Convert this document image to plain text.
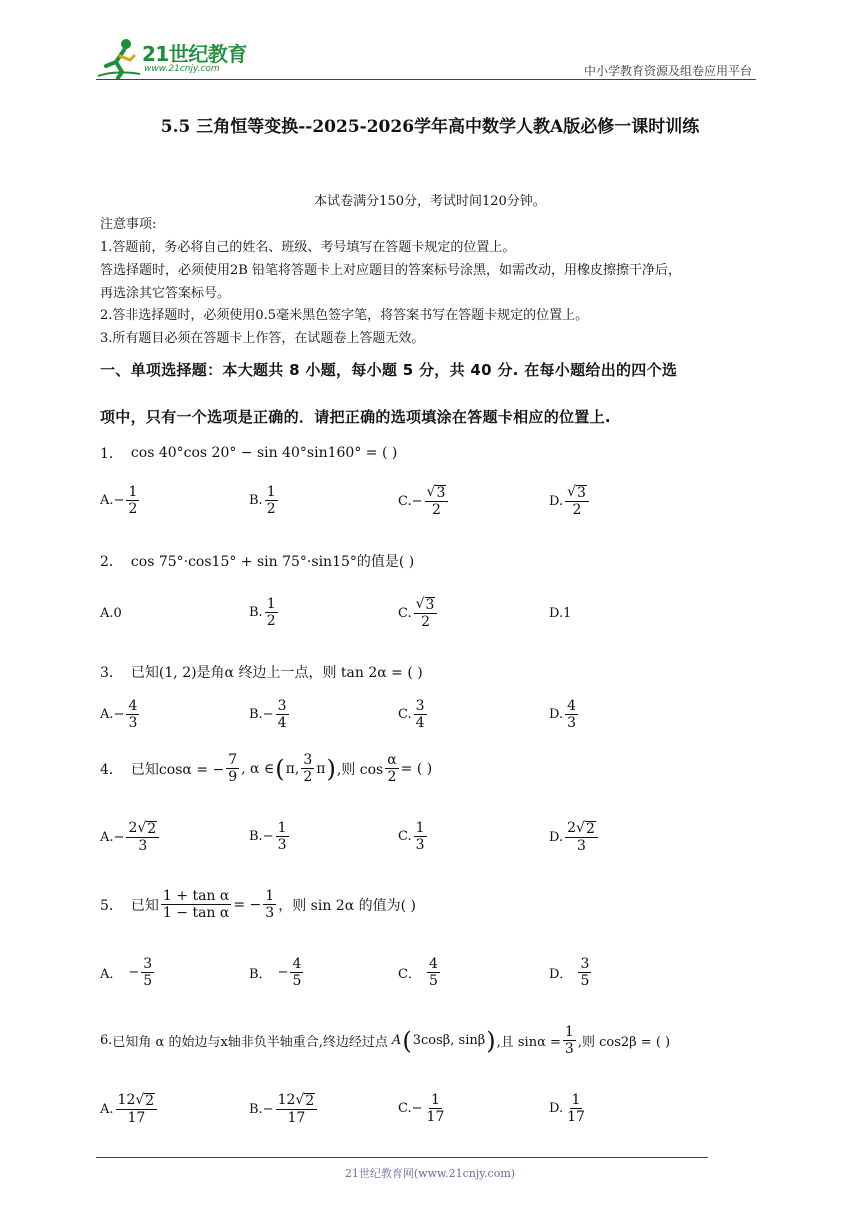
21世纪教育
www.21cnjy.com	中小学教育资源及组卷应用平台
5.5 三角恒等变换--2025-2026学年高中数学人教A版必修一课时训练
本试卷满分150分，考试时间120分钟。
注意事项:
1.答题前，务必将自己的姓名、班级、考号填写在答题卡规定的位置上。
答选择题时，必须使用2B 铅笔将答题卡上对应题目的答案标号涂黑，如需改动，用橡皮擦擦干净后，
再选涂其它答案标号。
2.答非选择题时，必须使用0.5毫米黑色签字笔，将答案书写在答题卡规定的位置上。
3.所有题目必须在答题卡上作答，在试题卷上答题无效。
一、单项选择题：本大题共 8 小题，每小题 5 分，共 40 分. 在每小题给出的四个选
项中，只有一个选项是正确的．请把正确的选项填涂在答题卡相应的位置上.
1． cos 40°cos 20° − sin 40°sin160° = ( )
A. − $\frac{1}{2}$	B. $\frac{1}{2}$	C. − $\frac{√ 3}{2}$	D. $\frac{√ 3}{2}$
2． cos 75°·cos15° + sin 75°·sin15°的值是( )
A.0	B. $\frac{1}{2}$	C. $\frac{√ 3}{2}$	D.1
3． 已知(1, 2)是角α 终边上一点，则 tan 2α = ( )
A. − $\frac{4}{3}$	B. − $\frac{3}{4}$	C. $\frac{3}{4}$	D. $\frac{4}{3}$
4． 已知cosα = − $\frac{7}{9}$ , α ∈ ( π, $\frac{3}{2}$ π ) ,则 $\cos \frac{\alpha}{2}$ = ( )
A. − $\frac{2 √ 2}{3}$	B. − $\frac{1}{3}$	C. $\frac{1}{3}$	D. $\frac{2 √ 2}{3}$
5． 已知 $\frac{\text{1 + tan α}}{\text{1 − tan α}}$ = − $\frac{1}{3}$ ，则 sin 2α 的值为( )
A． − $\frac{3}{5}$	B． − $\frac{4}{5}$	C． $\frac{4}{5}$	D． $\frac{3}{5}$
6. 已知角 α 的始边与x轴非负半轴重合,终边经过点 A ( 3cosβ, sinβ ) ,且 $\sin\alpha = \frac{1}{3}$ ,则 cos2β = ( )
A. $\frac{12 √ 2}{17}$	B. − $\frac{12 √ 2}{17}$	C. − $\frac{1}{17}$	D. $\frac{1}{17}$
21世纪教育网(www.21cnjy.com)
